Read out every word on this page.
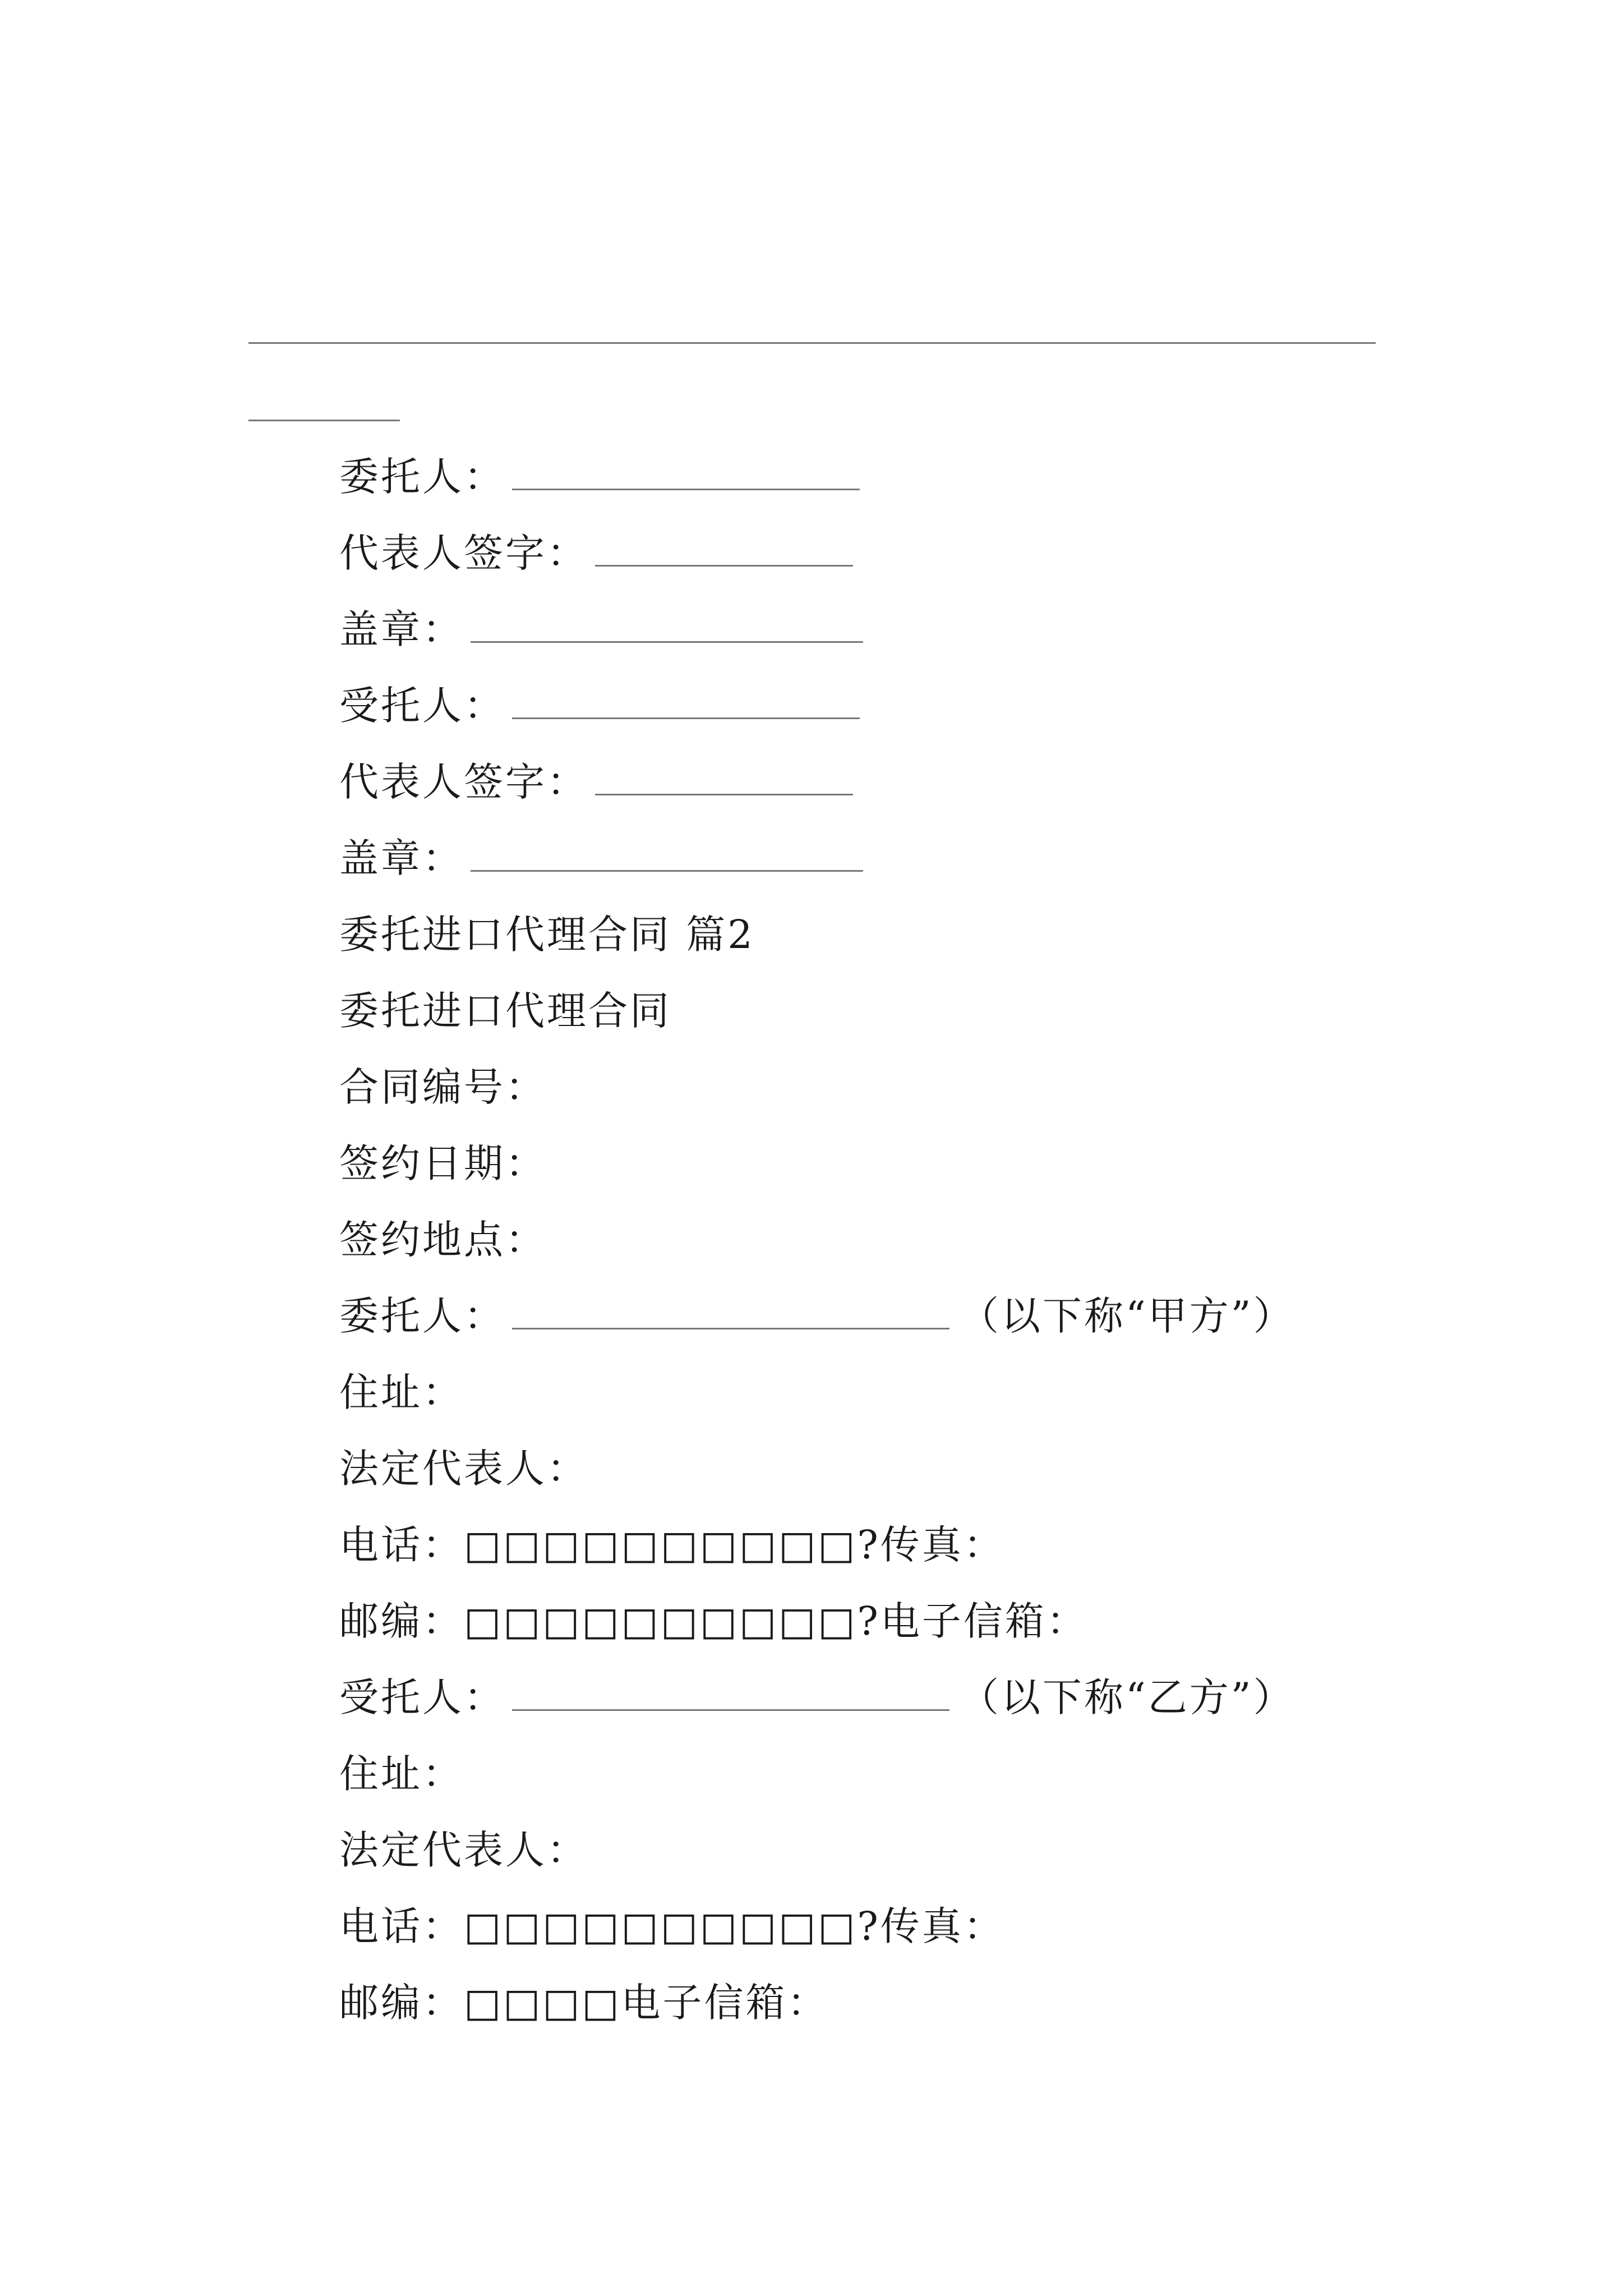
委托人：
代表人签字：
盖章：
受托人：
代表人签字：
盖章：
委托进口代理合同 篇2
委托进口代理合同
合同编号：
签约日期：
签约地点：
委托人：	（以下称“甲方”）
住址：
法定代表人：
电话：□□□□□□□□□□?传真：
邮编：□□□□□□□□□□?电子信箱：
受托人：	（以下称“乙方”）
住址：
法定代表人：
电话：□□□□□□□□□□?传真：
邮编：□□□□电子信箱：
